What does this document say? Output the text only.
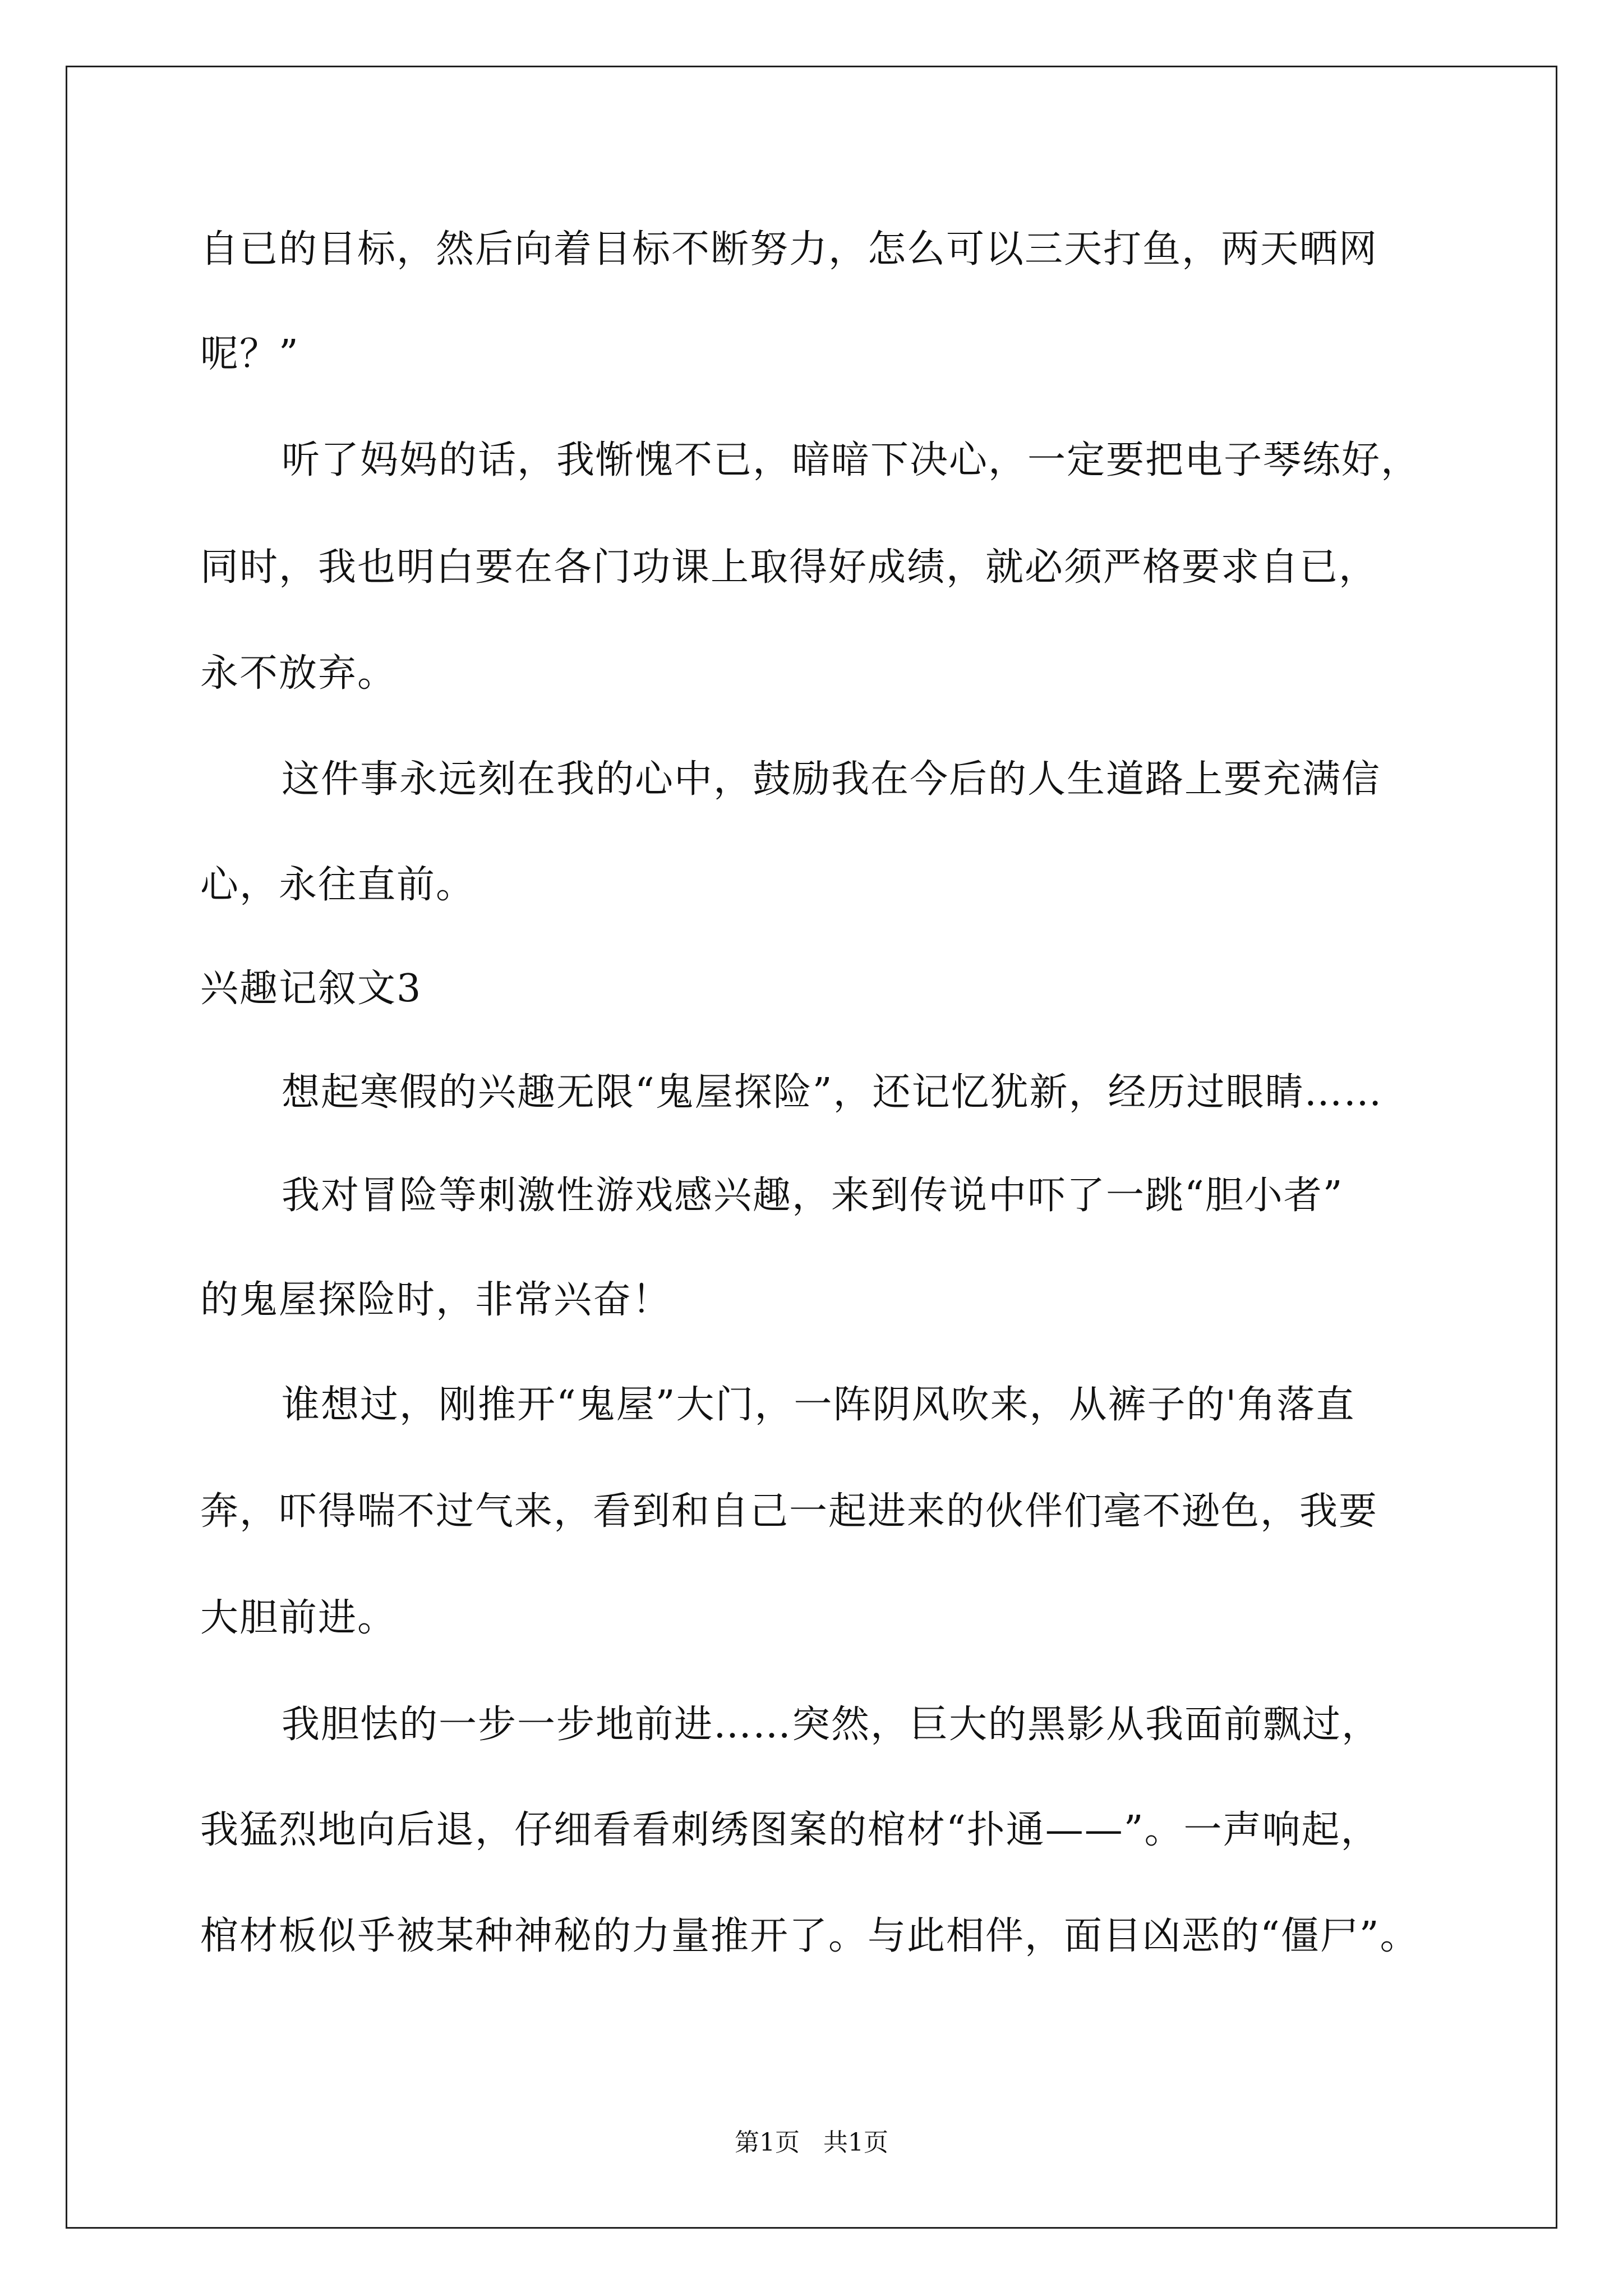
自已的目标，然后向着目标不断努力，怎么可以三天打鱼，两天晒网
呢？”
听了妈妈的话，我惭愧不已，暗暗下决心，一定要把电子琴练好，
同时，我也明白要在各门功课上取得好成绩，就必须严格要求自已，
永不放弃。
这件事永远刻在我的心中，鼓励我在今后的人生道路上要充满信
心，永往直前。
兴趣记叙文3
想起寒假的兴趣无限“鬼屋探险”，还记忆犹新，经历过眼睛……
我对冒险等刺激性游戏感兴趣，来到传说中吓了一跳“胆小者”
的鬼屋探险时，非常兴奋！
谁想过，刚推开“鬼屋”大门，一阵阴风吹来，从裤子的'角落直
奔，吓得喘不过气来，看到和自己一起进来的伙伴们毫不逊色，我要
大胆前进。
我胆怯的一步一步地前进……突然，巨大的黑影从我面前飘过，
我猛烈地向后退，仔细看看刺绣图案的棺材“扑通——”。一声响起，
棺材板似乎被某种神秘的力量推开了。与此相伴，面目凶恶的“僵尸”。
第1页   共1页
